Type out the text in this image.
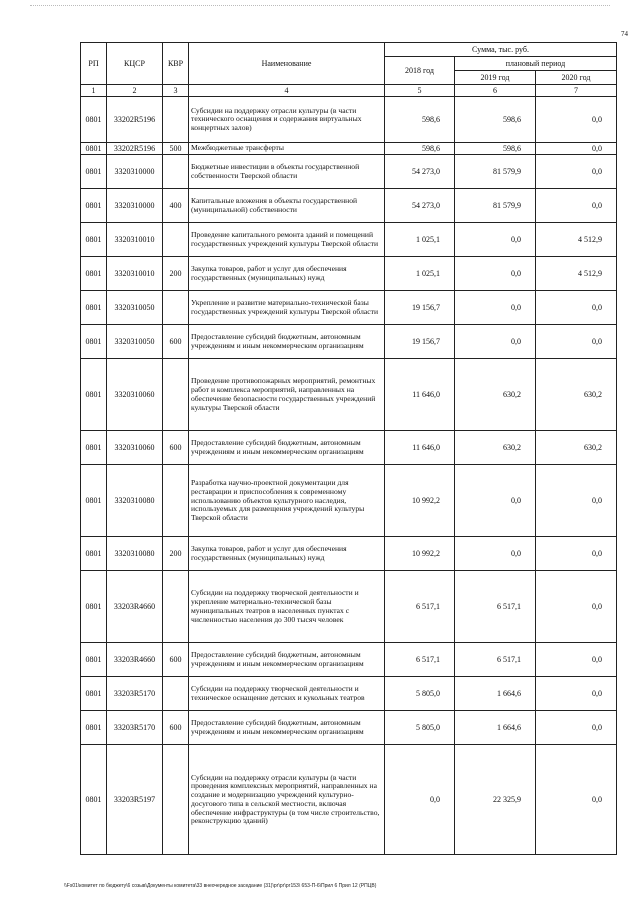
74
РП	КЦСР	КВР	Наименование	Сумма, тыс. руб.		
				2018 год	плановый период	
					2019 год	2020 год
1	2	3	4	5	6	7
0801	33202R5196		Субсидии на поддержку отрасли культуры (в части технического оснащения и содержания виртуальных концертных залов)	598,6	598,6	0,0
0801	33202R5196	500	Межбюджетные трансферты	598,6	598,6	0,0
0801	3320310000		Бюджетные инвестиции в объекты государственной собственности Тверской области	54 273,0	81 579,9	0,0
0801	3320310000	400	Капитальные вложения в объекты государственной (муниципальной) собственности	54 273,0	81 579,9	0,0
0801	3320310010		Проведение капитального ремонта зданий и помещений государственных учреждений культуры Тверской области	1 025,1	0,0	4 512,9
0801	3320310010	200	Закупка товаров, работ и услуг для обеспечения государственных (муниципальных) нужд	1 025,1	0,0	4 512,9
0801	3320310050		Укрепление и развитие материально-технической базы государственных учреждений культуры Тверской области	19 156,7	0,0	0,0
0801	3320310050	600	Предоставление субсидий бюджетным, автономным учреждениям и иным некоммерческим организациям	19 156,7	0,0	0,0
0801	3320310060		Проведение противопожарных мероприятий, ремонтных работ и комплекса мероприятий, направленных на обеспечение безопасности государственных учреждений культуры Тверской области	11 646,0	630,2	630,2
0801	3320310060	600	Предоставление субсидий бюджетным, автономным учреждениям и иным некоммерческим организациям	11 646,0	630,2	630,2
0801	3320310080		Разработка научно-проектной документации для реставрации и приспособления к современному использованию объектов культурного наследия, используемых для размещения учреждений культуры Тверской области	10 992,2	0,0	0,0
0801	3320310080	200	Закупка товаров, работ и услуг для обеспечения государственных (муниципальных) нужд	10 992,2	0,0	0,0
0801	33203R4660		Субсидии на поддержку творческой деятельности и укрепление материально-технической базы муниципальных театров в населенных пунктах с численностью населения до 300 тысяч человек	6 517,1	6 517,1	0,0
0801	33203R4660	600	Предоставление субсидий бюджетным, автономным учреждениям и иным некоммерческим организациям	6 517,1	6 517,1	0,0
0801	33203R5170		Субсидии на поддержку творческой деятельности и техническое оснащение детских и кукольных театров	5 805,0	1 664,6	0,0
0801	33203R5170	600	Предоставление субсидий бюджетным, автономным учреждениям и иным некоммерческим организациям	5 805,0	1 664,6	0,0
0801	33203R5197		Субсидии на поддержку отрасли культуры (в части проведения комплексных мероприятий, направленных на создание и модернизацию учреждений культурно-досугового типа в сельской местности, включая обеспечение инфраструктуры (в том числе строительство, реконструкцию зданий)	0,0	22 325,9	0,0
\\Fs01\комитет по бюджету\6 созыв\Документы комитета\33 внеочередное заседание (31)\рг\рг\рг153\ 653-П-6\Прил 6 Прил 12 (РПЦВ)
